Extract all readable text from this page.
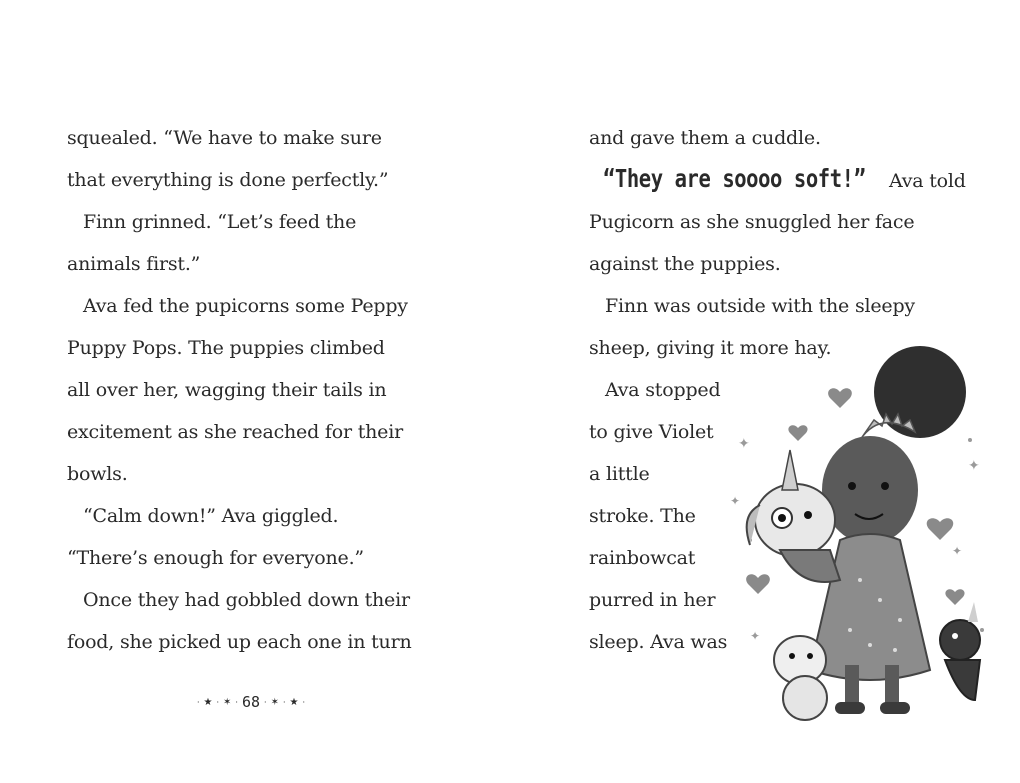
squealed. “We have to make sure
that everything is done perfectly.”
Finn grinned. “Let’s feed the
animals first.”
Ava fed the pupicorns some Peppy
Puppy Pops. The puppies climbed
all over her, wagging their tails in
excitement as she reached for their
bowls.
“Calm down!” Ava giggled.
“There’s enough for everyone.”
Once they had gobbled down their
food, she picked up each one in turn
· ★ · ✶ · 68 · ✶ · ★ ·
and gave them a cuddle.
“They are soooo soft!” Ava told
Pugicorn as she snuggled her face
against the puppies.
Finn was outside with the sleepy
sheep, giving it more hay.
Ava stopped
to give Violet
a little
stroke. The
rainbowcat
purred in her
sleep. Ava was
✦
✦
✦
✦
✦
